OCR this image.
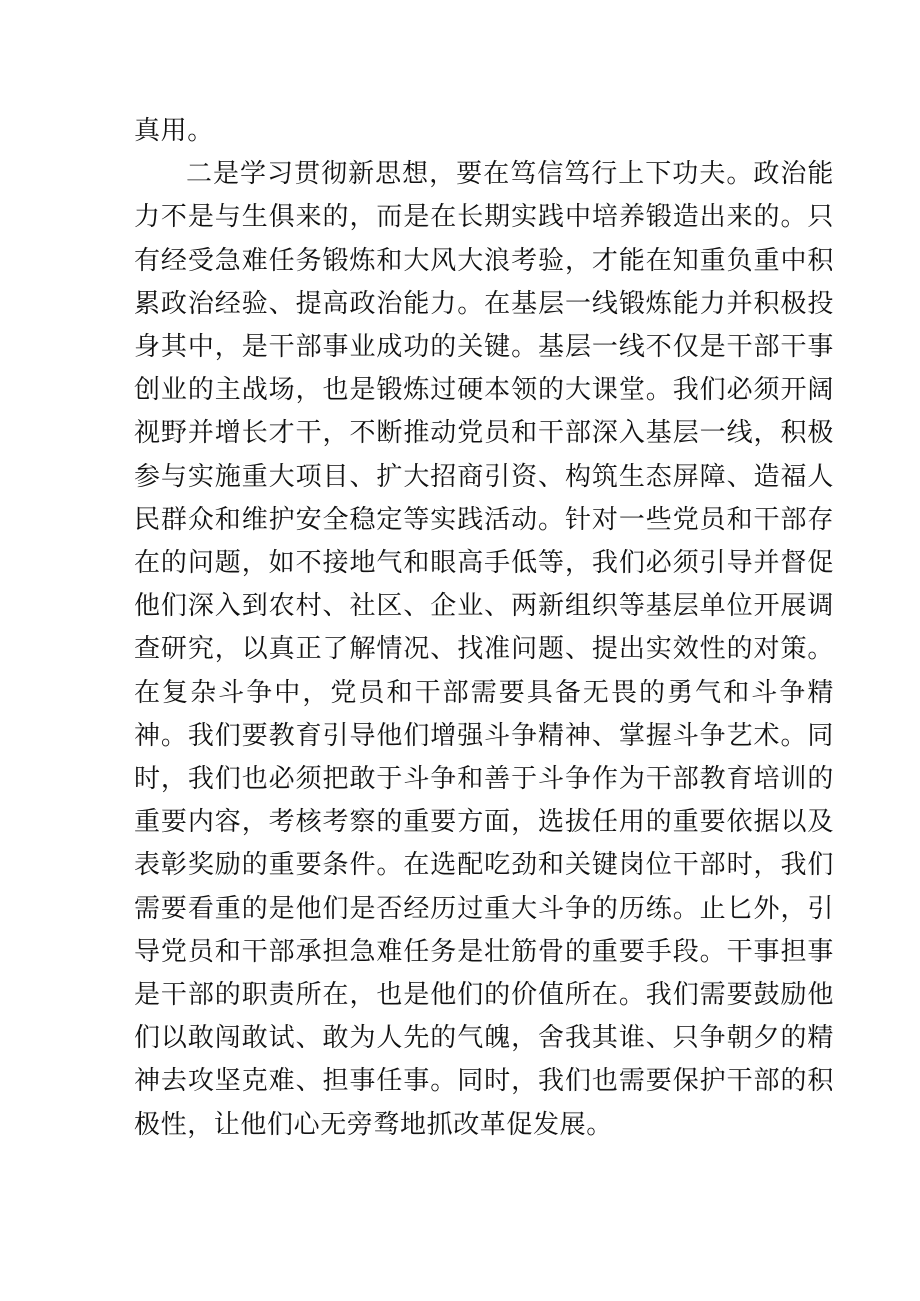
真用。

二是学习贯彻新思想，要在笃信笃行上下功夫。政治能力不是与生俱来的，而是在长期实践中培养锻造出来的。只有经受急难任务锻炼和大风大浪考验，才能在知重负重中积累政治经验、提高政治能力。在基层一线锻炼能力并积极投身其中，是干部事业成功的关键。基层一线不仅是干部干事创业的主战场，也是锻炼过硬本领的大课堂。我们必须开阔视野并增长才干，不断推动党员和干部深入基层一线，积极参与实施重大项目、扩大招商引资、构筑生态屏障、造福人民群众和维护安全稳定等实践活动。针对一些党员和干部存在的问题，如不接地气和眼高手低等，我们必须引导并督促他们深入到农村、社区、企业、两新组织等基层单位开展调查研究，以真正了解情况、找准问题、提出实效性的对策。在复杂斗争中，党员和干部需要具备无畏的勇气和斗争精神。我们要教育引导他们增强斗争精神、掌握斗争艺术。同时，我们也必须把敢于斗争和善于斗争作为干部教育培训的重要内容，考核考察的重要方面，选拔任用的重要依据以及表彰奖励的重要条件。在选配吃劲和关键岗位干部时，我们需要看重的是他们是否经历过重大斗争的历练。止匕外，引导党员和干部承担急难任务是壮筋骨的重要手段。干事担事是干部的职责所在，也是他们的价值所在。我们需要鼓励他们以敢闯敢试、敢为人先的气魄，舍我其谁、只争朝夕的精神去攻坚克难、担事任事。同时，我们也需要保护干部的积极性，让他们心无旁骛地抓改革促发展。
